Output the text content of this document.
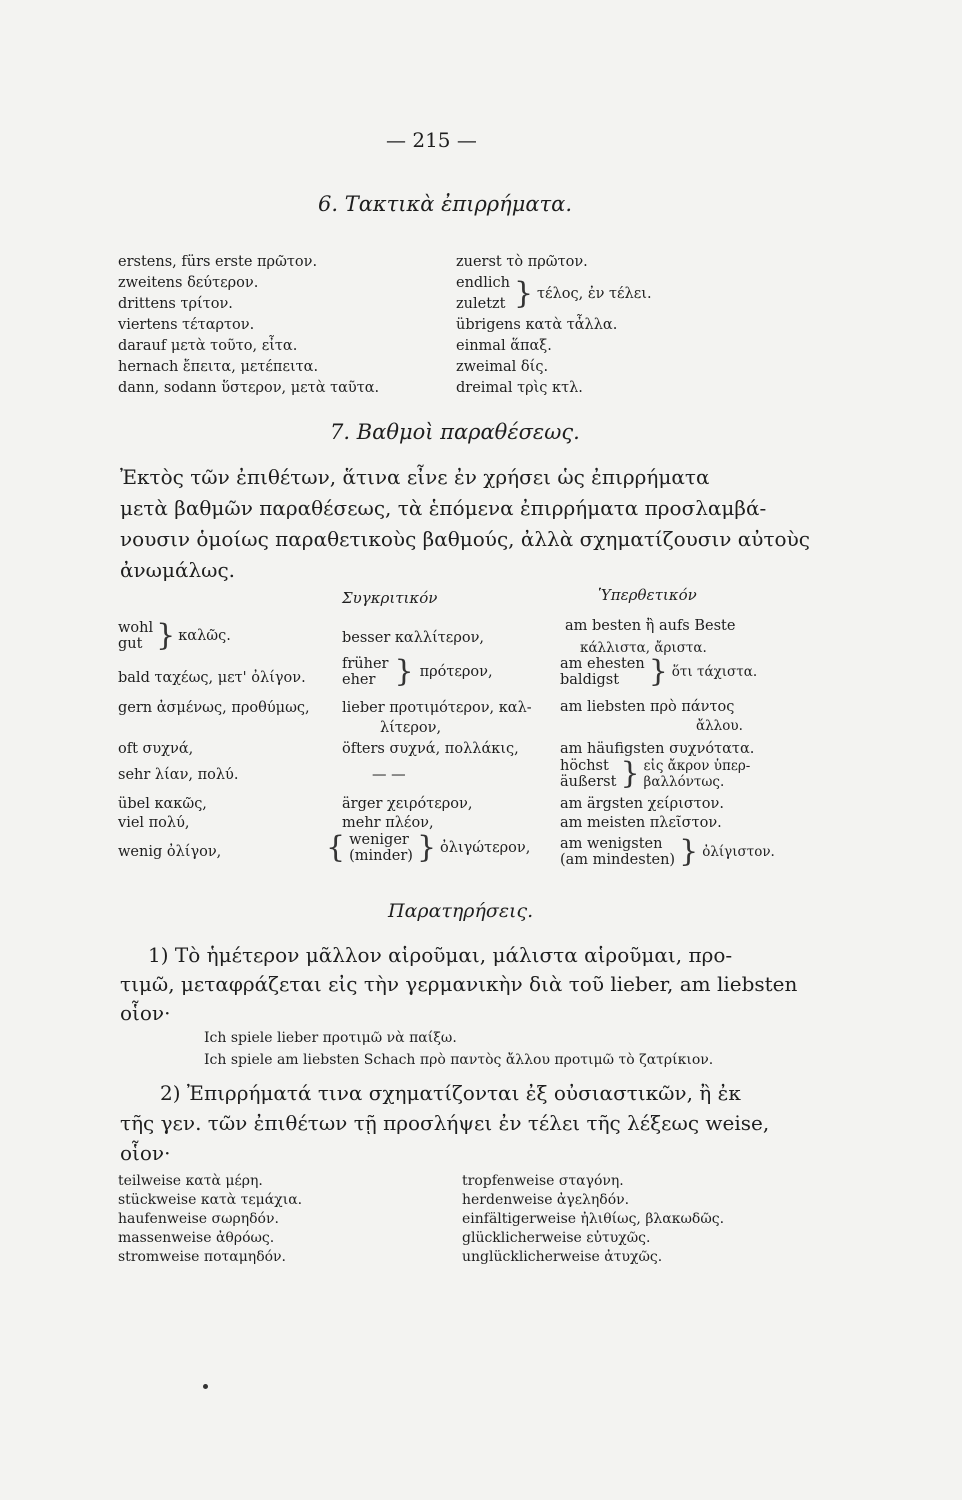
— 215 —
6. Τακτικὰ ἐπιρρήματα.
erstens, fürs erste πρῶτον.
zweitens δεύτερον.
drittens τρίτον.
viertens τέταρτον.
darauf μετὰ τοῦτο, εἶτα.
hernach ἔπειτα, μετέπειτα.
dann, sodann ὕστερον, μετὰ ταῦτα.
zuerst τὸ πρῶτον.
endlich
zuletzt } τέλος, ἐν τέλει.
übrigens κατὰ τἆλλα.
einmal ἅπαξ.
zweimal δίς.
dreimal τρὶς κτλ.
7. Βαθμοὶ παραθέσεως.
Ἐκτὸς τῶν ἐπιθέτων, ἅτινα εἶνε ἐν χρήσει ὡς ἐπιρρήματα
μετὰ βαθμῶν παραθέσεως, τὰ ἑπόμενα ἐπιρρήματα προσλαμβά-
νουσιν ὁμοίως παραθετικοὺς βαθμούς, ἀλλὰ σχηματίζουσιν αὐτοὺς
ἀνωμάλως.
Συγκριτικόν	Ὑπερθετικόν
wohl
gut } καλῶς.
bald ταχέως, μετ' ὀλίγον.
gern ἀσμένως, προθύμως,
oft συχνά,
sehr λίαν, πολύ.
übel κακῶς,
viel πολύ,
wenig ὀλίγον,
besser καλλίτερον,
früher
eher } πρότερον,
lieber προτιμότερον, καλ-
λίτερον,
öfters συχνά, πολλάκις,
— —
ärger χειρότερον,
mehr πλέον,
{ weniger
(minder) } ὀλιγώτερον,
am besten ἢ aufs Beste
κάλλιστα, ἄριστα.
am ehesten
baldigst } ὅτι τάχιστα.
am liebsten πρὸ πάντος
ἄλλου.
am häufigsten συχνότατα.
höchst
äußerst } εἰς ἄκρον ὑπερ-
βαλλόντως.
am ärgsten χείριστον.
am meisten πλεῖστον.
am wenigsten
(am mindesten) } ὀλίγιστον.
Παρατηρήσεις.
1) Τὸ ἡμέτερον μᾶλλον αἱροῦμαι, μάλιστα αἱροῦμαι, προ-
τιμῶ, μεταφράζεται εἰς τὴν γερμανικὴν διὰ τοῦ lieber, am liebsten
οἷον·
Ich spiele lieber προτιμῶ νὰ παίξω.
Ich spiele am liebsten Schach πρὸ παντὸς ἄλλου προτιμῶ τὸ ζατρίκιον.
2) Ἐπιρρήματά τινα σχηματίζονται ἐξ οὐσιαστικῶν, ἢ ἐκ
τῆς γεν. τῶν ἐπιθέτων τῇ προσλήψει ἐν τέλει τῆς λέξεως weise,
οἷον·
teilweise κατὰ μέρη.
stückweise κατὰ τεμάχια.
haufenweise σωρηδόν.
massenweise ἀθρόως.
stromweise ποταμηδόν.
tropfenweise σταγόνη.
herdenweise ἀγεληδόν.
einfältigerweise ἠλιθίως, βλακωδῶς.
glücklicherweise εὐτυχῶς.
unglücklicherweise ἀτυχῶς.
